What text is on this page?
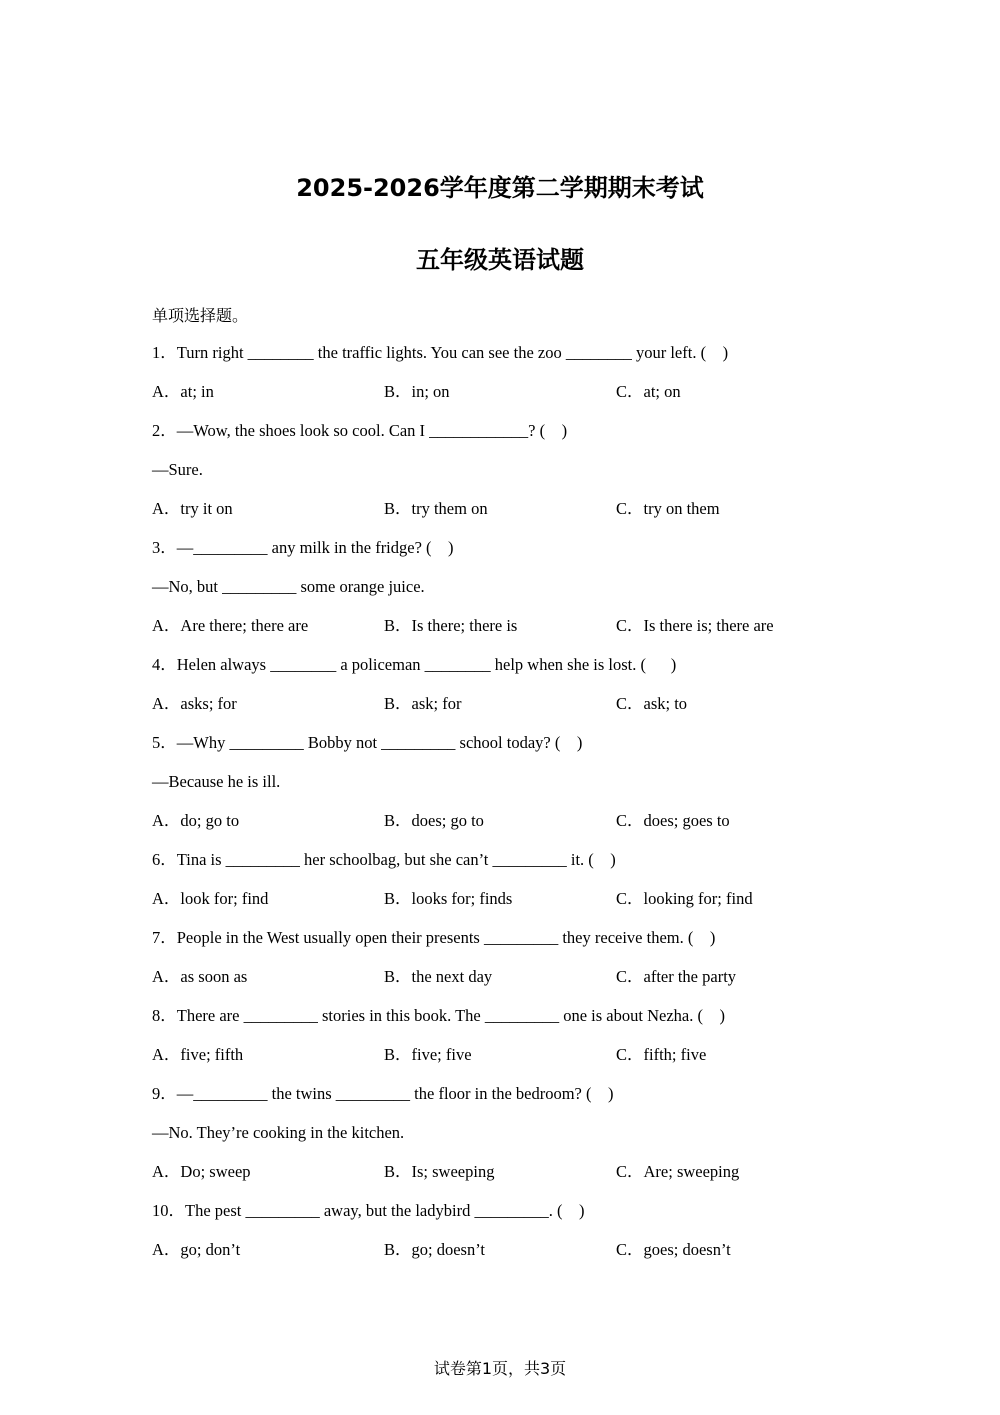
2025-2026学年度第二学期期末考试
五年级英语试题
单项选择题。
1．Turn right ________ the traffic lights. You can see the zoo ________ your left. (    )
A．at; in	B．in; on	C．at; on
2．—Wow, the shoes look so cool. Can I ____________? (    )
—Sure.
A．try it on	B．try them on	C．try on them
3．—_________ any milk in the fridge? (    )
—No, but _________ some orange juice.
A．Are there; there are	B．Is there; there is	C．Is there is; there are
4．Helen always ________ a policeman ________ help when she is lost. (      )
A．asks; for	B．ask; for	C．ask; to
5．—Why _________ Bobby not _________ school today? (    )
—Because he is ill.
A．do; go to	B．does; go to	C．does; goes to
6．Tina is _________ her schoolbag, but she can’t _________ it. (    )
A．look for; find	B．looks for; finds	C．looking for; find
7．People in the West usually open their presents _________ they receive them. (    )
A．as soon as	B．the next day	C．after the party
8．There are _________ stories in this book. The _________ one is about Nezha. (    )
A．five; fifth	B．five; five	C．fifth; five
9．—_________ the twins _________ the floor in the bedroom? (    )
—No. They’re cooking in the kitchen.
A．Do; sweep	B．Is; sweeping	C．Are; sweeping
10．The pest _________ away, but the ladybird _________. (    )
A．go; don’t	B．go; doesn’t	C．goes; doesn’t
试卷第1页，共3页
